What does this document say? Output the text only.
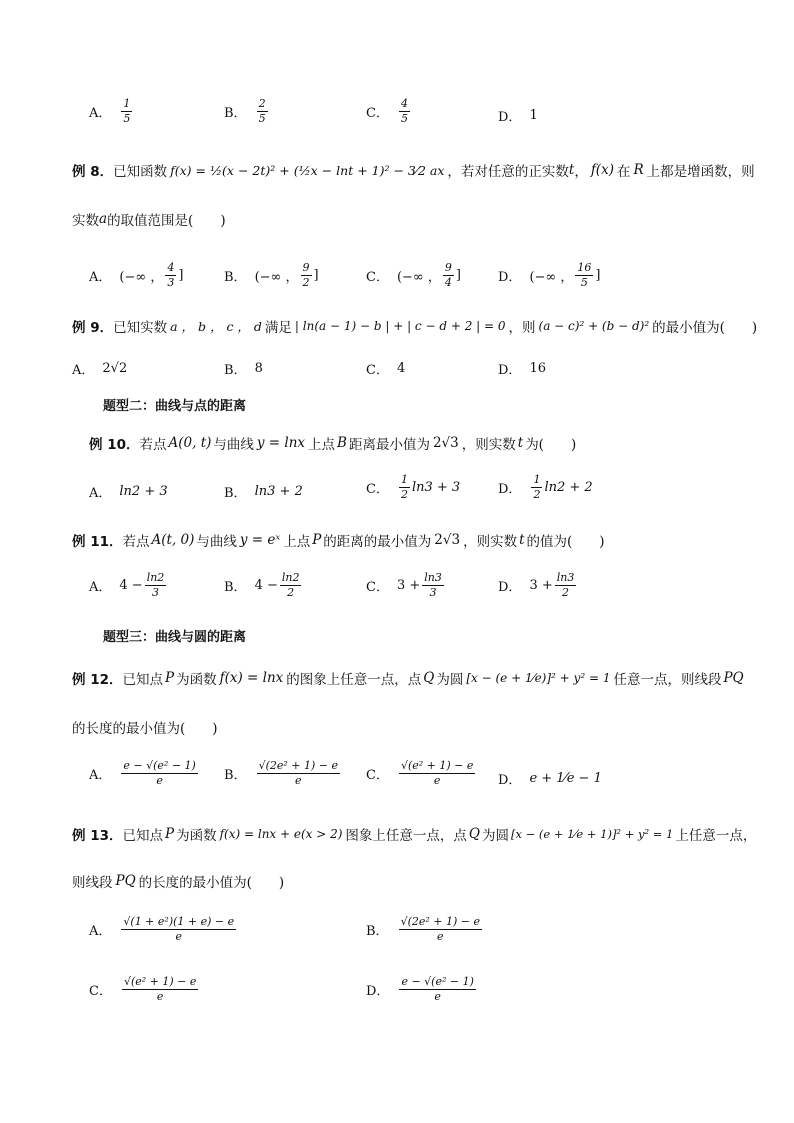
A． $\frac{1}{5}$	B． $\frac{2}{5}$	C． $\frac{4}{5}$	D． 1
例 8． 已知函数 f(x) = ½(x − 2t)² + (½x − lnt + 1)² − 3⁄2 ax ，若对任意的正实数 t ， f(x) 在 R 上都是增函数，则
实数 a 的取值范围是(　　)
A． (−∞ ， $\frac{4}{3}$ ]	B． (−∞ ， $\frac{9}{2}$ ]	C． (−∞ ， $\frac{9}{4}$ ]	D． (−∞ ， $\frac{16}{5}$ ]
例 9． 已知实数 a ， b ， c ， d 满足 | ln(a − 1) − b | + | c − d + 2 | = 0 ，则 (a − c)² + (b − d)² 的最小值为(　　)
A． 2√2	B． 8	C． 4	D． 16
题型二：曲线与点的距离
例 10． 若点 A(0, t) 与曲线 y = lnx 上点 B 距离最小值为 2√3 ，则实数 t 为(　　)
A． ln2 + 3	B． ln3 + 2	C． $\frac{1}{2} \ln 3 + 3$	D． $\frac{1}{2} \ln 2 + 2$
例 11． 若点 A(t, 0) 与曲线 y = eˣ 上点 P 的距离的最小值为 2√3 ，则实数 t 的值为(　　)
A． $4 - \frac{\ln 2}{3}$	B． $4 - \frac{\ln 2}{2}$	C． $3 + \frac{\ln 3}{3}$	D． $3 + \frac{\ln 3}{2}$
题型三：曲线与圆的距离
例 12． 已知点 P 为函数 f(x) = lnx 的图象上任意一点，点 Q 为圆 [x − (e + 1⁄e)]² + y² = 1 任意一点，则线段 PQ
的长度的最小值为(　　)
A． $\frac{\text{e − √(e² − 1)}}{e}$ B． $\frac{\text{√(2e² + 1) − e}}{e}$ C． $\frac{\text{√(e² + 1) − e}}{e}$ D． e + 1⁄e − 1
例 13． 已知点 P 为函数 f(x) = lnx + e(x > 2) 图象上任意一点，点 Q 为圆 [x − (e + 1⁄e + 1)]² + y² = 1 上任意一点，
则线段 PQ 的长度的最小值为(　　)
A． $\frac{\text{√(1 + e²)(1 + e) − e}}{e}$	B． $\frac{\text{√(2e² + 1) − e}}{e}$
C． $\frac{\text{√(e² + 1) − e}}{e}$	D． $\frac{\text{e − √(e² − 1)}}{e}$
